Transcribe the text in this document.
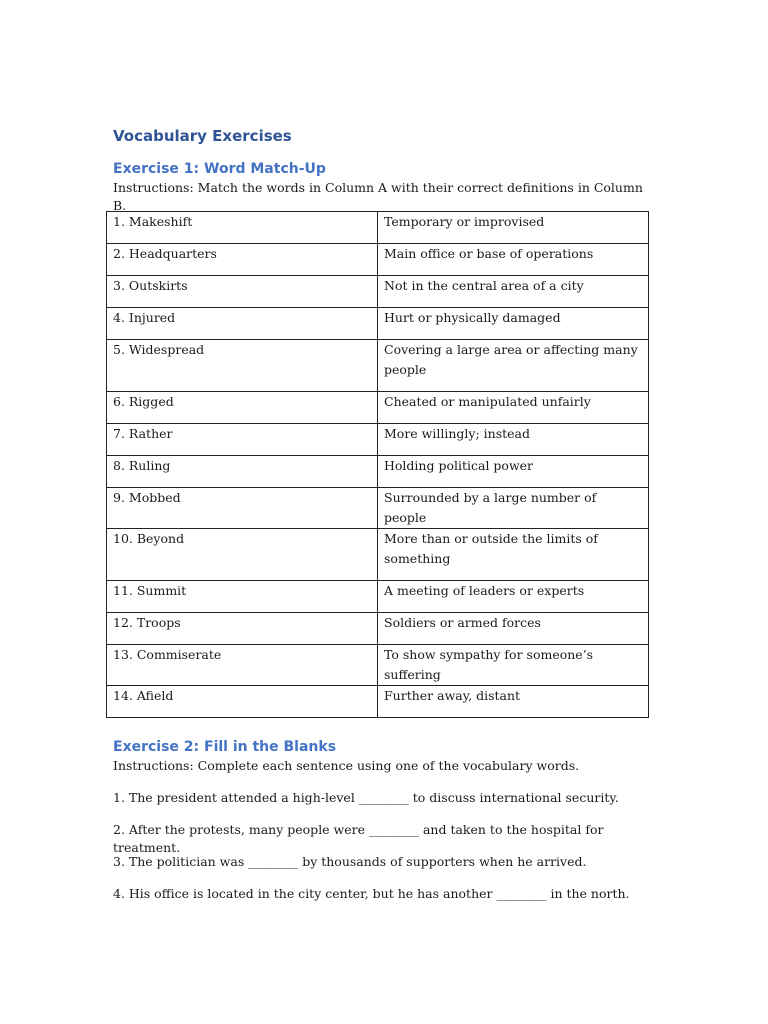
Vocabulary Exercises
Exercise 1: Word Match-Up

Instructions: Match the words in Column A with their correct definitions in Column B.

1. Makeshift	Temporary or improvised
2. Headquarters	Main office or base of operations
3. Outskirts	Not in the central area of a city
4. Injured	Hurt or physically damaged
5. Widespread	Covering a large area or affecting many people
6. Rigged	Cheated or manipulated unfairly
7. Rather	More willingly; instead
8. Ruling	Holding political power
9. Mobbed	Surrounded by a large number of people
10. Beyond	More than or outside the limits of something
11. Summit	A meeting of leaders or experts
12. Troops	Soldiers or armed forces
13. Commiserate	To show sympathy for someone’s suffering
14. Afield	Further away, distant
Exercise 2: Fill in the Blanks

Instructions: Complete each sentence using one of the vocabulary words.

1. The president attended a high-level ________ to discuss international security.

2. After the protests, many people were ________ and taken to the hospital for treatment.

3. The politician was ________ by thousands of supporters when he arrived.

4. His office is located in the city center, but he has another ________ in the north.
